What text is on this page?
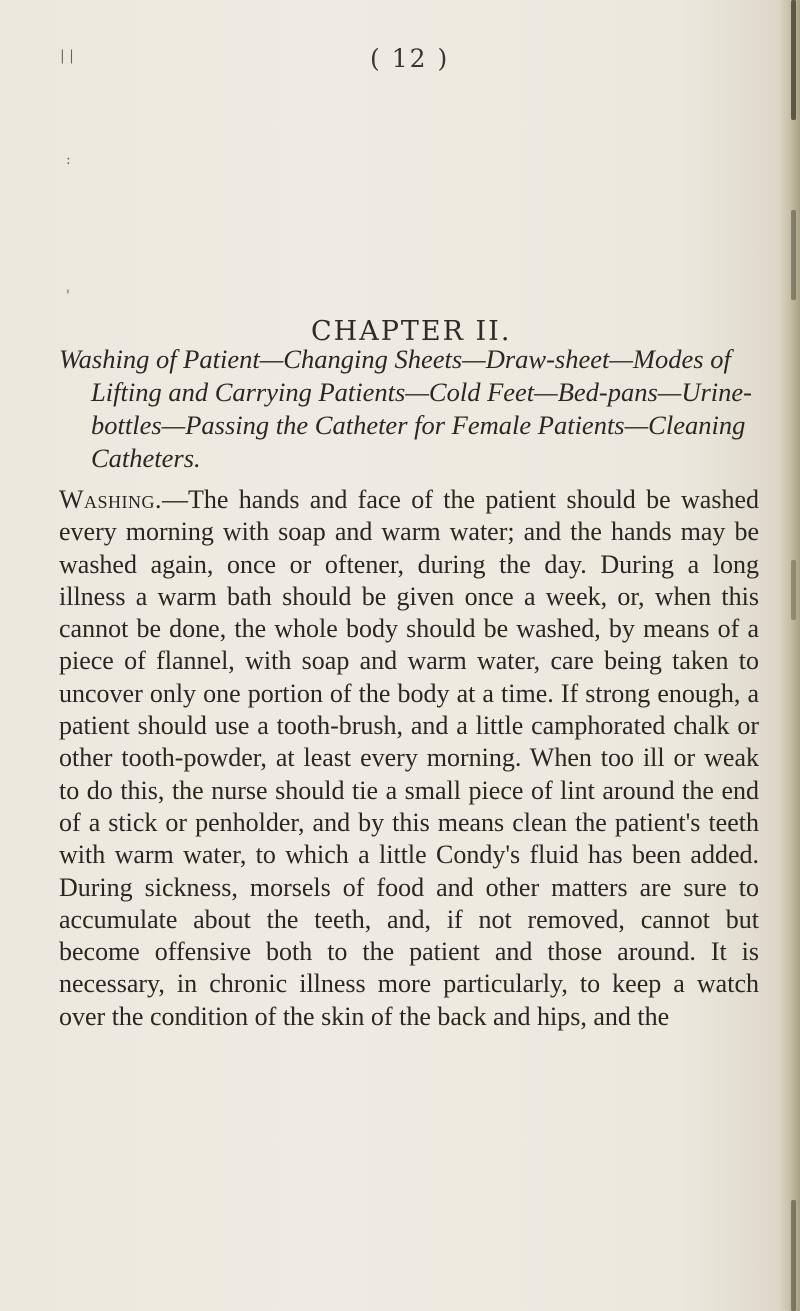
| |
:
'
( 12 )
CHAPTER II.

Washing of Patient—Changing Sheets—Draw-sheet—Modes of Lifting and Carrying Patients—Cold Feet—Bed-pans—Urine-bottles—Passing the Catheter for Female Patients—Cleaning Catheters.

Washing.—The hands and face of the patient should be washed every morning with soap and warm water; and the hands may be washed again, once or oftener, during the day. During a long illness a warm bath should be given once a week, or, when this cannot be done, the whole body should be washed, by means of a piece of flannel, with soap and warm water, care being taken to uncover only one portion of the body at a time. If strong enough, a patient should use a tooth-brush, and a little camphorated chalk or other tooth-powder, at least every morning. When too ill or weak to do this, the nurse should tie a small piece of lint around the end of a stick or penholder, and by this means clean the patient's teeth with warm water, to which a little Condy's fluid has been added. During sickness, morsels of food and other matters are sure to accumulate about the teeth, and, if not removed, cannot but become offensive both to the patient and those around. It is necessary, in chronic illness more particularly, to keep a watch over the condition of the skin of the back and hips, and the
